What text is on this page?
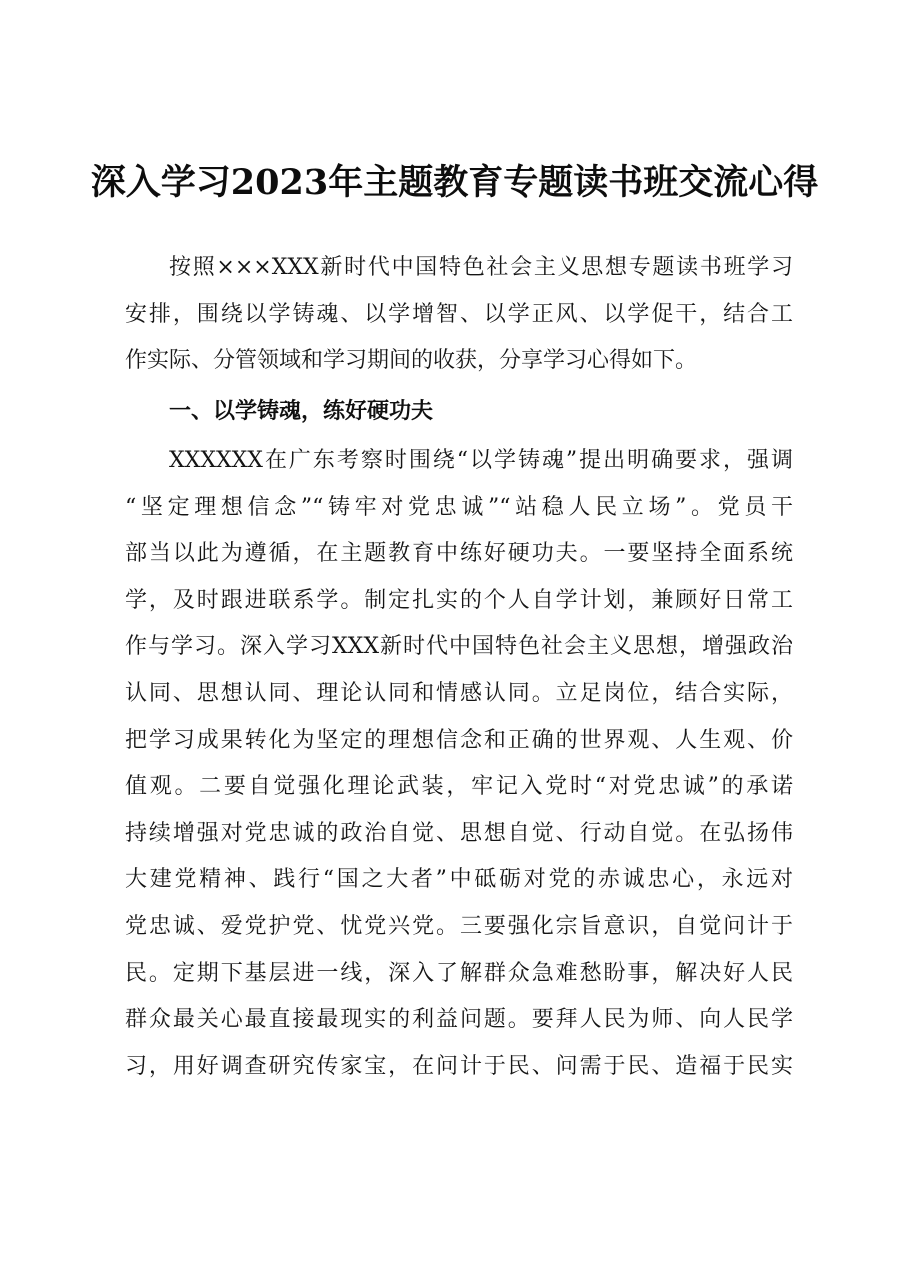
深入学习2023年主题教育专题读书班交流心得
按照×××XXX新时代中国特色社会主义思想专题读书班学习
安排，围绕以学铸魂、以学增智、以学正风、以学促干，结合工
作实际、分管领域和学习期间的收获，分享学习心得如下。
一、以学铸魂，练好硬功夫
XXXXXX在广东考察时围绕“以学铸魂”提出明确要求，强调
“坚定理想信念”“铸牢对党忠诚”“站稳人民立场”。党员干
部当以此为遵循，在主题教育中练好硬功夫。一要坚持全面系统
学，及时跟进联系学。制定扎实的个人自学计划，兼顾好日常工
作与学习。深入学习XXX新时代中国特色社会主义思想，增强政治
认同、思想认同、理论认同和情感认同。立足岗位，结合实际，
把学习成果转化为坚定的理想信念和正确的世界观、人生观、价
值观。二要自觉强化理论武装，牢记入党时“对党忠诚”的承诺
持续增强对党忠诚的政治自觉、思想自觉、行动自觉。在弘扬伟
大建党精神、践行“国之大者”中砥砺对党的赤诚忠心，永远对
党忠诚、爱党护党、忧党兴党。三要强化宗旨意识，自觉问计于
民。定期下基层进一线，深入了解群众急难愁盼事，解决好人民
群众最关心最直接最现实的利益问题。要拜人民为师、向人民学
习，用好调查研究传家宝，在问计于民、问需于民、造福于民实
